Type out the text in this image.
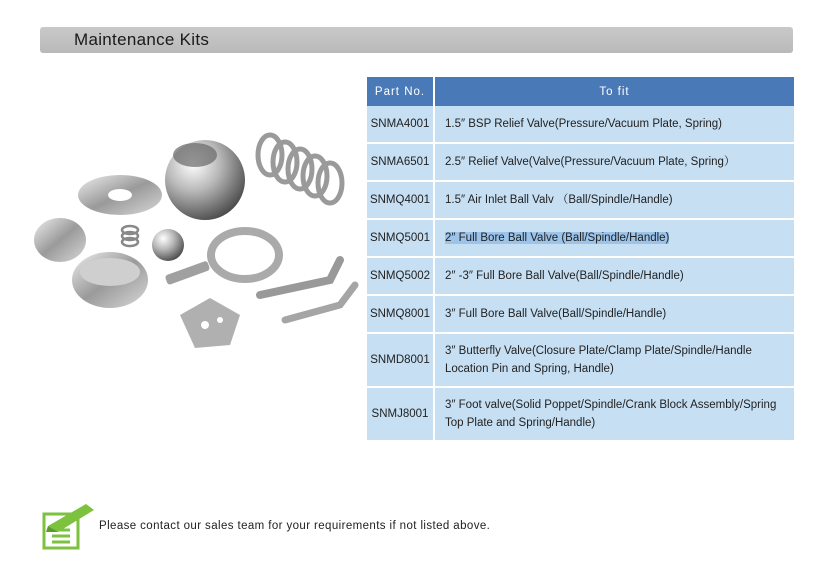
Maintenance Kits
Part No.	To fit
SNMA4001	1.5″ BSP Relief Valve(Pressure/Vacuum Plate, Spring)
SNMA6501	2.5″ Relief Valve(Valve(Pressure/Vacuum Plate, Spring）
SNMQ4001	1.5″ Air Inlet Ball Valv （Ball/Spindle/Handle)
SNMQ5001	2″ Full Bore Ball Valve (Ball/Spindle/Handle)
SNMQ5002	2″ -3″ Full Bore Ball Valve(Ball/Spindle/Handle)
SNMQ8001	3″ Full Bore Ball Valve(Ball/Spindle/Handle)
SNMD8001	3″ Butterfly Valve(Closure Plate/Clamp Plate/Spindle/Handle Location Pin and Spring, Handle)
SNMJ8001	3″ Foot valve(Solid Poppet/Spindle/Crank Block Assembly/Spring Top Plate and Spring/Handle)
Please contact our sales team for your requirements if not listed above.
